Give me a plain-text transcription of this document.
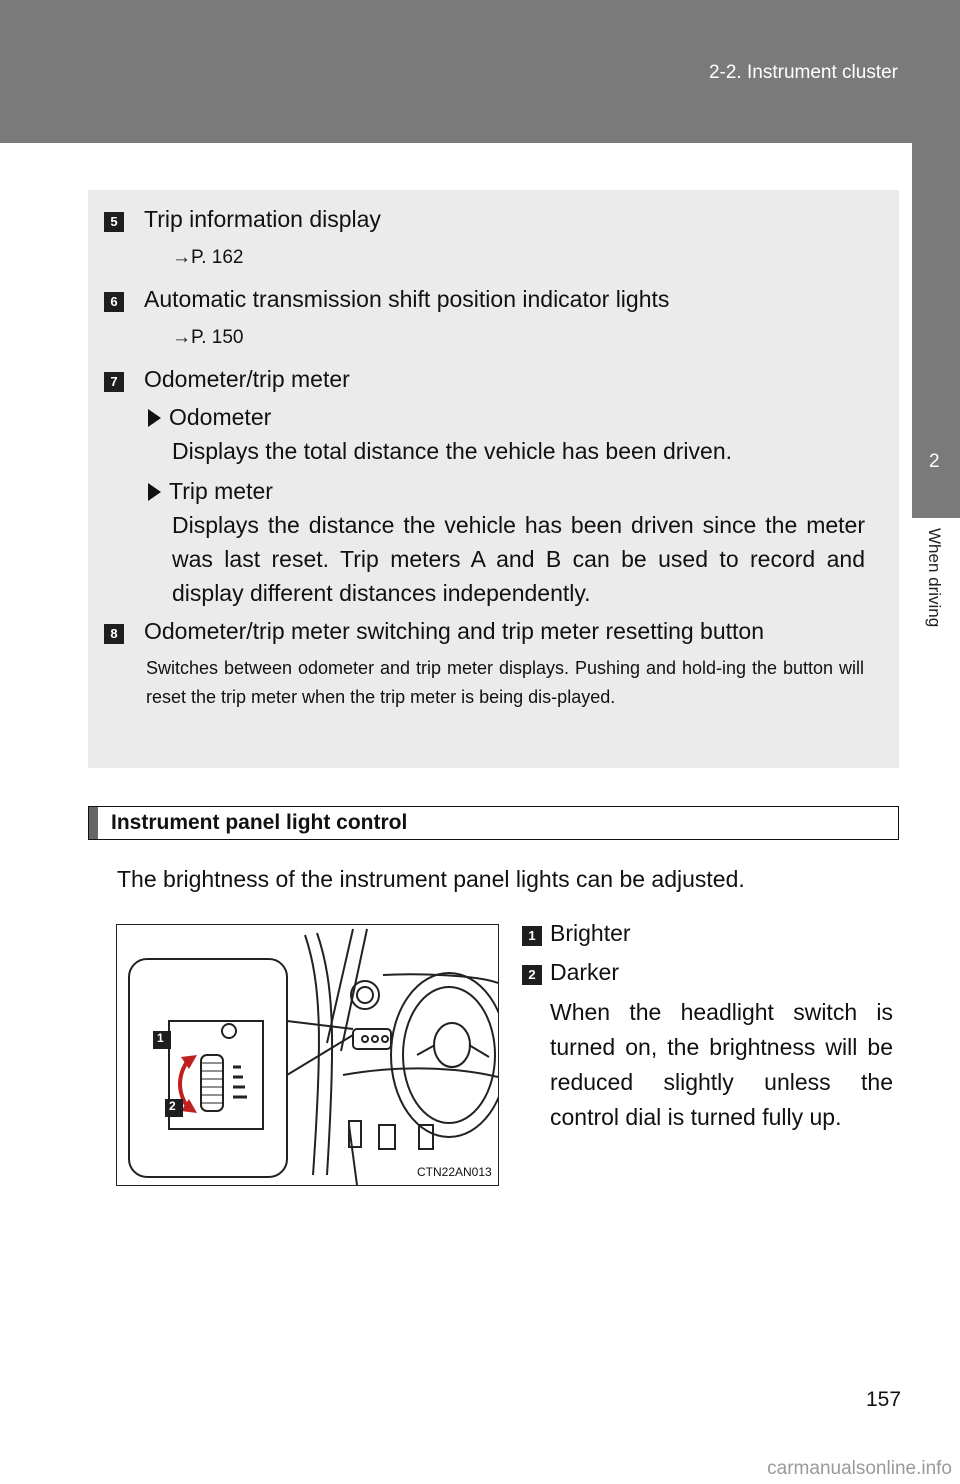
2-2. Instrument cluster
2
When driving
5 Trip information display
→P. 162
6 Automatic transmission shift position indicator lights
→P. 150
7 Odometer/trip meter
Odometer
Displays the total distance the vehicle has been driven.
Trip meter
Displays the distance the vehicle has been driven since the meter was last reset. Trip meters A and B can be used to record and display different distances independently.
8 Odometer/trip meter switching and trip meter resetting button
Switches between odometer and trip meter displays. Pushing and hold-ing the button will reset the trip meter when the trip meter is being dis-played.
Instrument panel light control
The brightness of the instrument panel lights can be adjusted.
1
2
CTN22AN013
1 Brighter
2 Darker
When the headlight switch is turned on, the brightness will be reduced slightly unless the control dial is turned fully up.
157
carmanualsonline.info
